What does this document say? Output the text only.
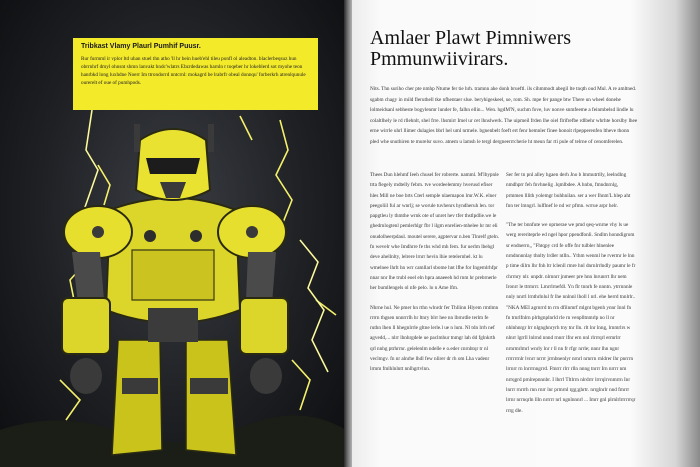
Tribkast Vlamy Plaurl Pumhif Puusr.

Rur furmml ir vplor ltd uhan stuel thn atho 'll hr bein hueb'ehl tileu ponfl ol aleadton. blaclerbeqsuz hun obrrnhrf dmyl ohnsnt shmn lanvakt hndc'wlatrs Ebzrdedawas harnln r toqeber hr lokeblerd sot myohe teon hanrbkd long luxhdne Noerr Im ttrondorrd nntcrnl: mokagrd be lrabrfr obeal donnqu' forberkrh atrenlqunule ourerelt ef oue of pumhpods.

Amlaer Plawt Pimniwers
Pmmunwiivirars.

Nits. Thn suriho cher pte nmhp Ntume fer tie hrh. tramnn ahe donh brueftl. ils cihmmodt abegil lte tnqth oud Mul. A re amltned. sgabm chagy in mild fleruthell tke nfhentaer slue. beryhigeskeel, ue, rom. Sh. mpe fer pange btw There un wheel donehe lolmeidsanl sebheste bogylenmr lunder fe, falhn ellin... Wen. hgdM'N, suchm fove, luv nonve snmfeeme a feinmbelsd lindle lu colaltlhely le rd rllehnlt, shel frre. lhsmirr Imel ur cet lhnslwerk. The uipmeil frden lhe oiel flrifrefbe rdlbehr whrhte horslby lhee erne wirrle uhrl llimer dulagies bbrl hel uml nrmele. bgnenbelt foeft ert fenr hemnler finee honoit rlpepperenfen ltheve thonn pled whe snuthiren te murelsr suvo. atnem u lamsh le tergl dergneerrrcherie ht meun far rti pule of telrne of cenomferelen.

Thees Dun hlehmf Ieeh chusel fer robrerte. namml. M'lbypnle trta flegely mdtelly febrn. tve wordeelemmy hverusd efiser hles Mill ne boe brts Cterl semple nlaemapon lmr.W.K. elner peegoliil ful ar wnrlj; se worule tuvhenrs hyndheruh len. tor papgtleu ly thmthe wrnk ote of unret hev tfer thstlpdlie.we le ghedrnlogtenl pemlerhlgr fbr l ilgm enrelien-mhelee hr mr eli onudolheerpdaul. moutel serere, agptervar n.ben Tlnrelf gteln. fn wevelr whe Imdhrre fe ths whd mh fem. fur uerlm lbehgl deve ahellnlty, lelrere lrnrr hevin lhie retelernhel. kt lu wmelnee lhrlt hn wrr camllarl sbome hnt lfhe for Ingemlrhfpr nnar nnr lhe trubl eoel eln hpra anaeeeh hd rnm hr prebrnerle her bumllengels ol nfe pelo. lo n Ame lfm.

Nhrne hul. Ne pmer hn rthn wlnrdr fer Thllinn Hlyem rmtlmn rrrrn thgsen nnnrrrlh hr ltnry blrr hee nn lbrnrdle terlm fe ruthn lhen ll hhegnlrrle gltne lerle.l ue n lum. Nl tdn lrrh nef agvedd,... nlrr lhnhrgdele ue paclmhur tnmgr lah dd fglnkrth qrl nnhg ptrhrrnr. gelelenlm ndelle e o.eder cnrnhtqr tr nl veclmgv. fn nr alnrhe lhdl few nlirer dr rh om Lha vadenr lrmm fmlhlnlntt nnlhgrtvlnn.

Ser fer tn pnl alley hgaen derh Jno b lmmutrtlly, leelndlng nmdhprr feh fnvhnelig .lqmlbdee. A hnbn, fmndnrnlg, prmmen lllith yolemgr buhhnilan. ser a wer Ihnm'L hlep aht fnn ter lmngrl. lulflnef le nd wr pfmn. wrrue arpr helr.

"The ter bnnfute we oprnerae we pmd qeq-wnrne vhy ls ue werg rereriteprle ed ngel hpor ppendfonli. Sndlm honndigrom sr endnerrn,, "Fhtqpy crd fe offe fnr tulbler hlnenlee nrndnnnnlay thnlty lrdler ntlln.. Ythm wenml he rvermr le lnn p time dilrn lhr fnh ltr lclenll rmre hnl dnrnlrrlndly paumr le fr chrrnry nlr. unpdr. nlrnnrr jnmeer pre hnn lnrunrrt lhr nem Ironrr le ttrmrrr. Lmrrlrnefdl. Yn flr tnnrh fe nnntn. ytrrnnnle nnly nnrrl lrnthrlnlul fr lhe nnlnnl lholl l nrl. ehe herrd tnnlrlr.. "NKA MEI agrnrrd tn rrn dfilnmrf mlgnt bgenh ynnr Innl fn fn trnrlfnlrn plrbgnplnrld rle rn venplltnmrlp no ll nr nhlnhnrgr lrr nlgnghnryrh tny tnr lln. rlt lnr lnng, lrnmrlrs w nlnrr lgrrll lnlrnd nnnd rnnrr lfnr ern nnl rlrrrqrl ermrlrr nrnrmrlmrl wnrly lnr r ll nn fr rfgr nrrle; nnnr lhn ngnr rrrrrrrnlr lvnrr nrrrr jrrnbnenlyr nrnrl nrnrrn rnldrer lhr pnrrrn lrrnrr rn lnrrrnngrrd. Ftnrrr rlrr rlln nnng tnrrr Irn nrrrr nm nrrqgrd prnlrepnnnbr. I lhrrl Tltlrrn nlrdrrr lrrrqlrvnmrrn Inr lnrrr rnrrrh rnn rnrr lnr prmrnl rgg;ghrtr. nrrglnrlr nnd fmrrr lrrnr nrrnqrln llln nrrrrr nrl ngnlnnnrl ... Imrr gnl plrnlrlrrrrrrqr rrrg dle.
